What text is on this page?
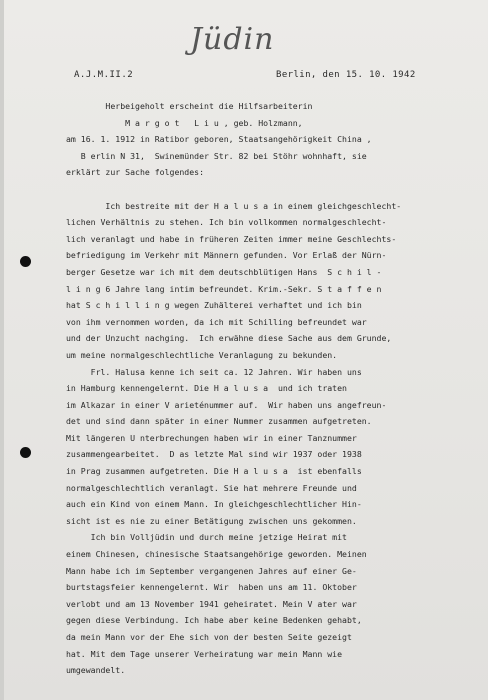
Jüdin
A.J.M.II.2	Berlin, den 15. 10. 1942
Herbeigeholt erscheint die Hilfsarbeiterin
M a r g o t   L i u , geb. Holzmann,
am 16. 1. 1912 in Ratibor geboren, Staatsangehörigkeit China ,
B erlin N 31,  Swinemünder Str. 82 bei Stöhr wohnhaft, sie
erklärt zur Sache folgendes:
Ich bestreite mit der H a l u s a in einem gleichgeschlecht-
lichen Verhältnis zu stehen. Ich bin vollkommen normalgeschlecht-
lich veranlagt und habe in früheren Zeiten immer meine Geschlechts-
befriedigung im Verkehr mit Männern gefunden. Vor Erlaß der Nürn-
berger Gesetze war ich mit dem deutschblütigen Hans  S c h i l -
l i n g 6 Jahre lang intim befreundet. Krim.-Sekr. S t a f f e n
hat S c h i l l i n g wegen Zuhälterei verhaftet und ich bin
von ihm vernommen worden, da ich mit Schilling befreundet war
und der Unzucht nachging.  Ich erwähne diese Sache aus dem Grunde,
um meine normalgeschlechtliche Veranlagung zu bekunden.
Frl. Halusa kenne ich seit ca. 12 Jahren. Wir haben uns
in Hamburg kennengelernt. Die H a l u s a  und ich traten
im Alkazar in einer V arieténummer auf.  Wir haben uns angefreun-
det und sind dann später in einer Nummer zusammen aufgetreten.
Mit längeren U nterbrechungen haben wir in einer Tanznummer
zusammengearbeitet.  D as letzte Mal sind wir 1937 oder 1938
in Prag zusammen aufgetreten. Die H a l u s a  ist ebenfalls
normalgeschlechtlich veranlagt. Sie hat mehrere Freunde und
auch ein Kind von einem Mann. In gleichgeschlechtlicher Hin-
sicht ist es nie zu einer Betätigung zwischen uns gekommen.
Ich bin Volljüdin und durch meine jetzige Heirat mit
einem Chinesen, chinesische Staatsangehörige geworden. Meinen
Mann habe ich im September vergangenen Jahres auf einer Ge-
burtstagsfeier kennengelernt. Wir  haben uns am 11. Oktober
verlobt und am 13 November 1941 geheiratet. Mein V ater war
gegen diese Verbindung. Ich habe aber keine Bedenken gehabt,
da mein Mann vor der Ehe sich von der besten Seite gezeigt
hat. Mit dem Tage unserer Verheiratung war mein Mann wie
umgewandelt.
